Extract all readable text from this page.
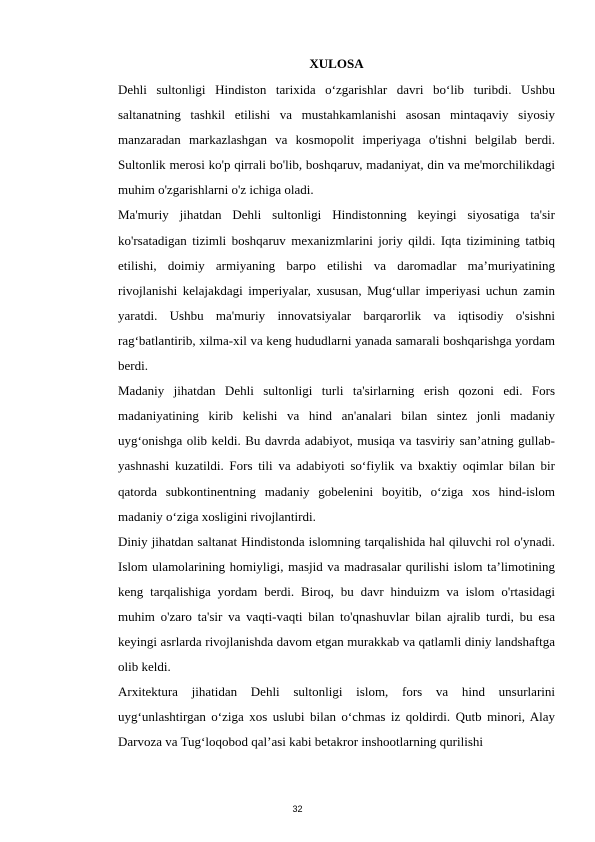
XULOSA

Dehli sultonligi Hindiston tarixida o‘zgarishlar davri bo‘lib turibdi. Ushbu saltanatning tashkil etilishi va mustahkamlanishi asosan mintaqaviy siyosiy manzaradan markazlashgan va kosmopolit imperiyaga o'tishni belgilab berdi. Sultonlik merosi ko'p qirrali bo'lib, boshqaruv, madaniyat, din va me'morchilikdagi muhim o'zgarishlarni o'z ichiga oladi.

Ma'muriy jihatdan Dehli sultonligi Hindistonning keyingi siyosatiga ta'sir ko'rsatadigan tizimli boshqaruv mexanizmlarini joriy qildi. Iqta tizimining tatbiq etilishi, doimiy armiyaning barpo etilishi va daromadlar ma’muriyatining rivojlanishi kelajakdagi imperiyalar, xususan, Mug‘ullar imperiyasi uchun zamin yaratdi. Ushbu ma'muriy innovatsiyalar barqarorlik va iqtisodiy o'sishni rag‘batlantirib, xilma-xil va keng hududlarni yanada samarali boshqarishga yordam berdi.

Madaniy jihatdan Dehli sultonligi turli ta'sirlarning erish qozoni edi. Fors madaniyatining kirib kelishi va hind an'analari bilan sintez jonli madaniy uyg‘onishga olib keldi. Bu davrda adabiyot, musiqa va tasviriy san’atning gullab-yashnashi kuzatildi. Fors tili va adabiyoti so‘fiylik va bxaktiy oqimlar bilan bir qatorda subkontinentning madaniy gobelenini boyitib, o‘ziga xos hind-islom madaniy o‘ziga xosligini rivojlantirdi.

Diniy jihatdan saltanat Hindistonda islomning tarqalishida hal qiluvchi rol o'ynadi. Islom ulamolarining homiyligi, masjid va madrasalar qurilishi islom ta’limotining keng tarqalishiga yordam berdi. Biroq, bu davr hinduizm va islom o'rtasidagi muhim o'zaro ta'sir va vaqti-vaqti bilan to'qnashuvlar bilan ajralib turdi, bu esa keyingi asrlarda rivojlanishda davom etgan murakkab va qatlamli diniy landshaftga olib keldi.

Arxitektura jihatidan Dehli sultonligi islom, fors va hind unsurlarini uyg‘unlashtirgan o‘ziga xos uslubi bilan o‘chmas iz qoldirdi. Qutb minori, Alay Darvoza va Tug‘loqobod qal’asi kabi betakror inshootlarning qurilishi

32
